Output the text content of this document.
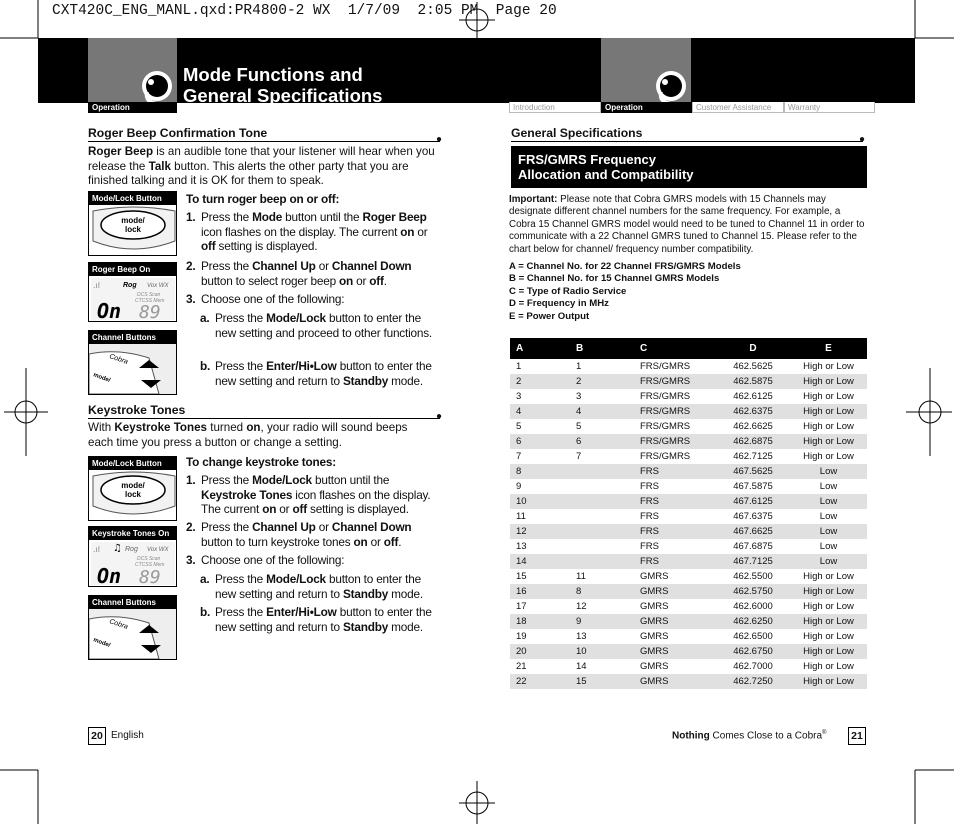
CXT420C_ENG_MANL.qxd:PR4800-2 WX  1/7/09  2:05 PM  Page 20
Mode Functions and
General Specifications
Operation	Introduction	Operation	Customer Assistance	Warranty
Roger Beep Confirmation Tone	●
Roger Beep is an audible tone that your listener will hear when you release the Talk button. This alerts the other party that you are finished talking and it is OK for them to speak.
Mode/Lock Button
mode/
lock
Roger Beep On
.ıl	Rog Vox WX
DCS Scan
CTCSS Mem
On 89
Channel Buttons
Cobra
mode/
To turn roger beep on or off:
1. Press the Mode button until the Roger Beep icon flashes on the display. The current on or off setting is displayed.
2. Press the Channel Up or Channel Down button to select roger beep on or off.
3. Choose one of the following:
a. Press the Mode/Lock button to enter the new setting and proceed to other functions.
b. Press the Enter/Hi•Low button to enter the new setting and return to Standby mode.
Keystroke Tones	●
With Keystroke Tones turned on, your radio will sound beeps each time you press a button or change a setting.
Mode/Lock Button
mode/
lock
Keystroke Tones On
.ıl ♫ Rog Vox WX
DCS Scan
CTCSS Mem
On 89
Channel Buttons
Cobra
mode/
To change keystroke tones:
1. Press the Mode/Lock button until the Keystroke Tones icon flashes on the display. The current on or off setting is displayed.
2. Press the Channel Up or Channel Down button to turn keystroke tones on or off.
3. Choose one of the following:
a. Press the Mode/Lock button to enter the new setting and return to Standby mode.
b. Press the Enter/Hi•Low button to enter the new setting and return to Standby mode.
20 English
General Specifications	●
FRS/GMRS Frequency
Allocation and Compatibility
Important: Please note that Cobra GMRS models with 15 Channels may designate different channel numbers for the same frequency. For example, a Cobra 15 Channel GMRS model would need to be tuned to Channel 11 in order to communicate with a 22 Channel GMRS tuned to Channel 15. Please refer to the chart below for channel/ frequency number compatibility.
A = Channel No. for 22 Channel FRS/GMRS Models
B = Channel No. for 15 Channel GMRS Models
C = Type of Radio Service
D = Frequency in MHz
E = Power Output
A	B	C	D	E
1	1	FRS/GMRS	462.5625	High or Low
2	2	FRS/GMRS	462.5875	High or Low
3	3	FRS/GMRS	462.6125	High or Low
4	4	FRS/GMRS	462.6375	High or Low
5	5	FRS/GMRS	462.6625	High or Low
6	6	FRS/GMRS	462.6875	High or Low
7	7	FRS/GMRS	462.7125	High or Low
8		FRS	467.5625	Low
9		FRS	467.5875	Low
10		FRS	467.6125	Low
11		FRS	467.6375	Low
12		FRS	467.6625	Low
13		FRS	467.6875	Low
14		FRS	467.7125	Low
15	11	GMRS	462.5500	High or Low
16	8	GMRS	462.5750	High or Low
17	12	GMRS	462.6000	High or Low
18	9	GMRS	462.6250	High or Low
19	13	GMRS	462.6500	High or Low
20	10	GMRS	462.6750	High or Low
21	14	GMRS	462.7000	High or Low
22	15	GMRS	462.7250	High or Low
Nothing Comes Close to a Cobra®	21
